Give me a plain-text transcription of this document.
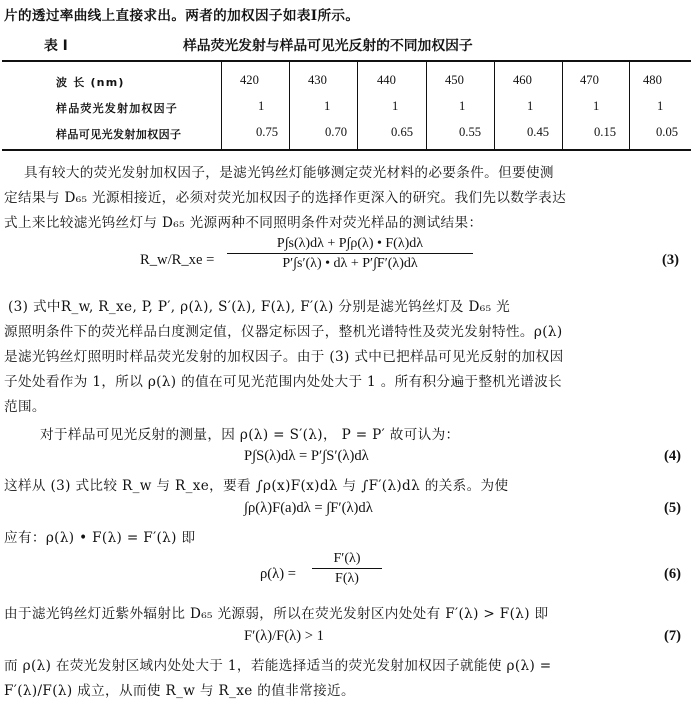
片的透过率曲线上直接求出。两者的加权因子如表Ⅰ所示。
表 Ⅰ	样品荧光发射与样品可见光反射的不同加权因子
波 长 (nm)	420	430	440	450	460	470	480
样品荧光发射加权因子	1	1	1	1	1	1	1
样品可见光发射加权因子	0.75	0.70	0.65	0.55	0.45	0.15	0.05
具有较大的荧光发射加权因子，是滤光钨丝灯能够测定荧光材料的必要条件。但要使测
定结果与 D₆₅ 光源相接近，必须对荧光加权因子的选择作更深入的研究。我们先以数学表达
式上来比较滤光钨丝灯与 D₆₅ 光源两种不同照明条件对荧光样品的测试结果：
R_w/R_xe =
P∫s(λ)dλ + P∫ρ(λ) • F(λ)dλ
P′∫s′(λ) • dλ + P′∫F′(λ)dλ	(3)
(3) 式中R_w, R_xe, P, P′, ρ(λ), S′(λ), F(λ), F′(λ) 分别是滤光钨丝灯及 D₆₅ 光
源照明条件下的荧光样品白度测定值，仪器定标因子，整机光谱特性及荧光发射特性。ρ(λ)
是滤光钨丝灯照明时样品荧光发射的加权因子。由于 (3) 式中已把样品可见光反射的加权因
子处处看作为 1，所以 ρ(λ) 的值在可见光范围内处处大于 1 。所有积分遍于整机光谱波长
范围。
对于样品可见光反射的测量，因 ρ(λ) = S′(λ)， P = P′ 故可认为：
P∫S(λ)dλ = P′∫S′(λ)dλ	(4)
这样从 (3) 式比较 R_w 与 R_xe，要看 ∫ρ(x)F(x)dλ 与 ∫F′(λ)dλ 的关系。为使
∫ρ(λ)F(a)dλ = ∫F′(λ)dλ	(5)
应有：ρ(λ) • F(λ) = F′(λ) 即
ρ(λ) =
F′(λ)
F(λ)	(6)
由于滤光钨丝灯近紫外辐射比 D₆₅ 光源弱，所以在荧光发射区内处处有 F′(λ) > F(λ) 即
F′(λ)/F(λ) > 1	(7)
而 ρ(λ) 在荧光发射区域内处处大于 1，若能选择适当的荧光发射加权因子就能使 ρ(λ) =
F′(λ)/F(λ) 成立，从而使 R_w 与 R_xe 的值非常接近。
